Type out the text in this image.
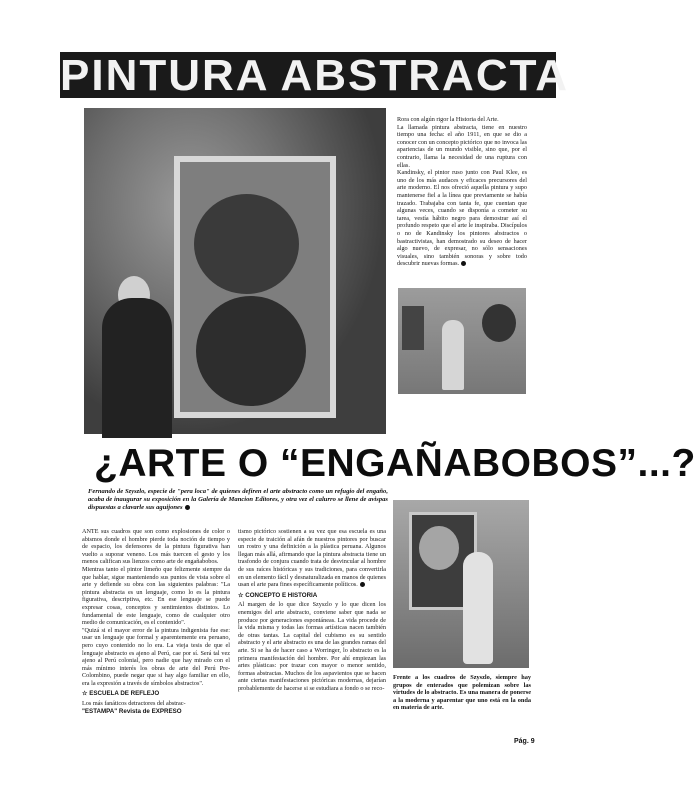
PINTURA ABSTRACTA

Rora con algún rigor la Historia del Arte.

La llamada pintura abstracta, tiene en nuestro tiempo una fecha: el año 1911, en que se dio a conocer con un concepto pictórico que no invoca las apariencias de un mundo visible, sino que, por el contrario, llama la necesidad de una ruptura con ellas.

Kandinsky, el pintor ruso junto con Paul Klee, es uno de los más audaces y eficaces precursores del arte moderno. El nos ofreció aquella pintura y supo mantenerse fiel a la línea que previamente se había trazado. Trabajaba con tanta fe, que cuentan que algunas veces, cuando se disponía a cometer su tarea, vestía hábito negro para demostrar así el profundo respeto que el arte le inspiraba. Discípulos o no de Kandinsky los pintores abstractos o bastractivistas, han demostrado su deseo de hacer algo nuevo, de expresar, no sólo sensaciones visuales, sino también sonoras y sobre todo descubrir nuevas formas.

¿ARTE O “ENGAÑABOBOS”...?
Fernando de Szyszlo, especie de "pera loca" de quienes defiren el arte abstracto como un refugio del engaño, acaba de inaugurar su exposición en la Galería de Mancion Editores, y otra vez el calurro se llene de avispas dispuestas a clavarle sus aguijones

ANTE sus cuadros que son como explosiones de color o abismos donde el hombre pierde toda noción de tiempo y de espacio, los defensores de la pintura figurativa han vuelto a suporar veneno. Los más tuercen el gesto y los menos califican sus lienzos como arte de engañabobos.

Mientras tanto el pintor limeño que felizmente siempre da que hablar, sigue manteniendo sus puntos de vista sobre el arte y defiende su obra con las siguientes palabras: "La pintura abstracta es un lenguaje, como lo es la pintura figurativa, descriptiva, etc. En ese lenguaje se puede expresar cosas, conceptos y sentimientos distintos. Lo fundamental de este lenguaje, como de cualquier otro medio de comunicación, es el contenido".

"Quizá si el mayor error de la pintura indigenista fue ese: usar un lenguaje que formal y aparentemente era peruano, pero cuyo contenido no lo era. La vieja tesis de que el lenguaje abstracto es ajeno al Perú, cae por sí. Será tal vez ajeno al Perú colonial, pero nadie que hay mirado con el más mínimo interés los obras de arte del Perú Pre-Colombino, puede negar que si hay algo familiar en ello, era la expresión a través de símbolos abstractos".

☆ ESCUELA DE REFLEJO

Los más fanáticos detractores del abstrac-

"ESTAMPA" Revista de EXPRESO

tismo pictórico sostienen a su vez que esa escuela es una especie de traición al afán de nuestros pintores por buscar un rostro y una definición a la plástica peruana. Algunos llegan más allá, afirmando que la pintura abstracta tiene un trasfondo de conjura cuando trata de desvincular al hombre de sus raíces históricas y sus tradiciones, para convertirla en un elemento fácil y desnaturalizada en manos de quienes usan el arte para fines específicamente políticos.

☆ CONCEPTO E HISTORIA

Al margen de lo que dice Szyszlo y lo que dicen los enemigos del arte abstracto, conviene saber que nada se produce por generaciones espontáneas. La vida procede de la vida misma y todas las formas artísticas nacen también de otras tantas. La capital del cubismo es su sentido abstracto y el arte abstracto es una de las grandes ramas del arte. Si se ha de hacer caso a Worringer, lo abstracto es la primera manifestación del hombre. Por ahí empiezan las artes plásticas: por trazar con mayor o menor sentido, formas abstractas. Muchos de los aspavientos que se hacen ante ciertas manifestaciones pictóricas modernas, dejarían probablemente de hacerse si se estudiara a fondo o se reco-

Frente a los cuadros de Szyszlo, siempre hay grupos de enterados que polemizan sobre las virtudes de lo abstracto. Es una manera de ponerse a la moderna y aparentar que uno está en la onda en materia de arte.
Pág. 9
